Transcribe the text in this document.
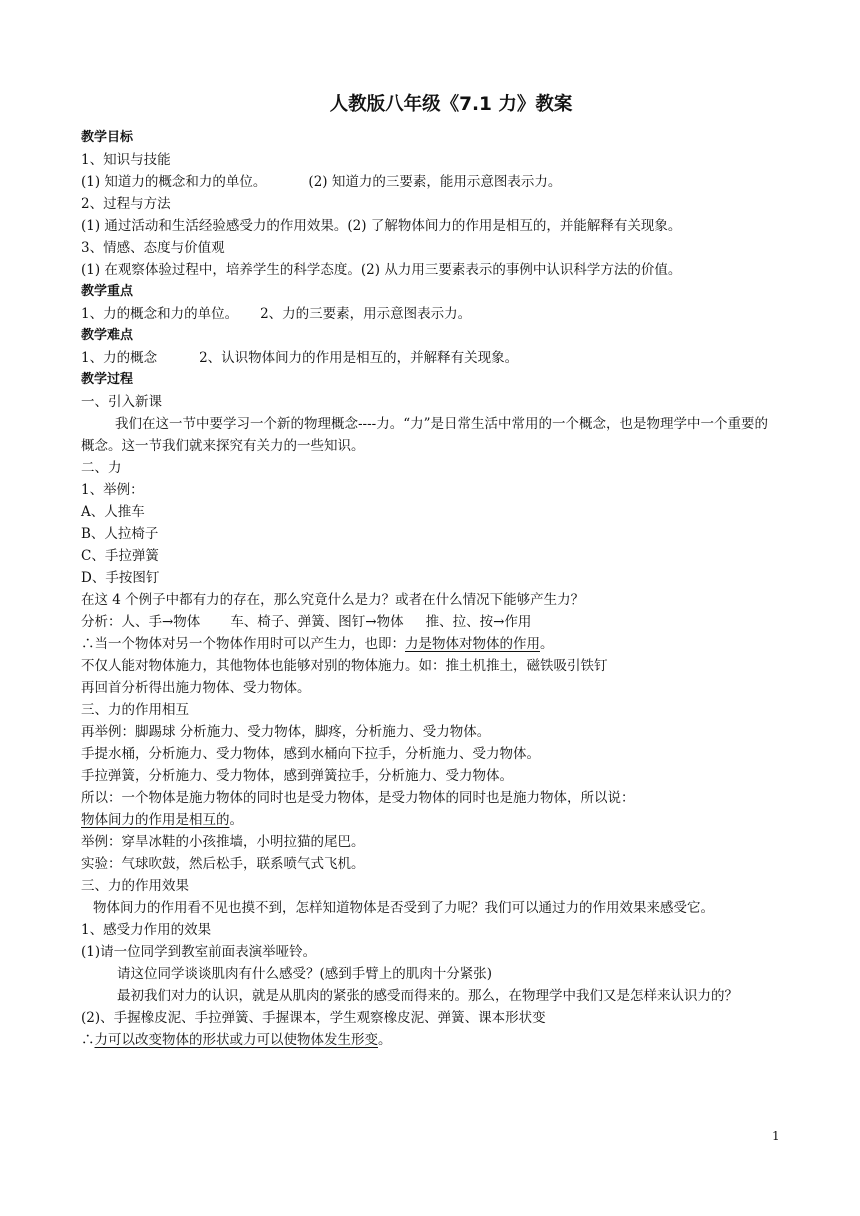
人教版八年级《7.1 力》教案
教学目标
1、知识与技能
(1) 知道力的概念和力的单位。	(2) 知道力的三要素，能用示意图表示力。
2、过程与方法
(1) 通过活动和生活经验感受力的作用效果。(2) 了解物体间力的作用是相互的，并能解释有关现象。
3、情感、态度与价值观
(1) 在观察体验过程中，培养学生的科学态度。(2) 从力用三要素表示的事例中认识科学方法的价值。
教学重点
1、力的概念和力的单位。 2、力的三要素，用示意图表示力。
教学难点
1、力的概念	2、认识物体间力的作用是相互的，并解释有关现象。
教学过程
一、引入新课
我们在这一节中要学习一个新的物理概念----力。“力”是日常生活中常用的一个概念，也是物理学中一个重要的概念。这一节我们就来探究有关力的一些知识。
二、力
1、举例：
A、人推车
B、人拉椅子
C、手拉弹簧
D、手按图钉
在这 4 个例子中都有力的存在，那么究竟什么是力？或者在什么情况下能够产生力？
分析：人、手→物体 车、椅子、弹簧、图钉→物体 推、拉、按→作用
∴当一个物体对另一个物体作用时可以产生力，也即：力是物体对物体的作用。
不仅人能对物体施力，其他物体也能够对别的物体施力。如：推土机推土，磁铁吸引铁钉
再回首分析得出施力物体、受力物体。
三、力的作用相互
再举例：脚踢球 分析施力、受力物体，脚疼，分析施力、受力物体。
手提水桶，分析施力、受力物体，感到水桶向下拉手，分析施力、受力物体。
手拉弹簧，分析施力、受力物体，感到弹簧拉手，分析施力、受力物体。
所以：一个物体是施力物体的同时也是受力物体，是受力物体的同时也是施力物体，所以说：
物体间力的作用是相互的。
举例：穿旱冰鞋的小孩推墙，小明拉猫的尾巴。
实验：气球吹鼓，然后松手，联系喷气式飞机。
三、力的作用效果
物体间力的作用看不见也摸不到，怎样知道物体是否受到了力呢？我们可以通过力的作用效果来感受它。
1、感受力作用的效果
(1)请一位同学到教室前面表演举哑铃。
请这位同学谈谈肌肉有什么感受？(感到手臂上的肌肉十分紧张)
最初我们对力的认识，就是从肌肉的紧张的感受而得来的。那么，在物理学中我们又是怎样来认识力的？
(2)、手握橡皮泥、手拉弹簧、手握课本，学生观察橡皮泥、弹簧、课本形状变
∴力可以改变物体的形状或力可以使物体发生形变。
1
